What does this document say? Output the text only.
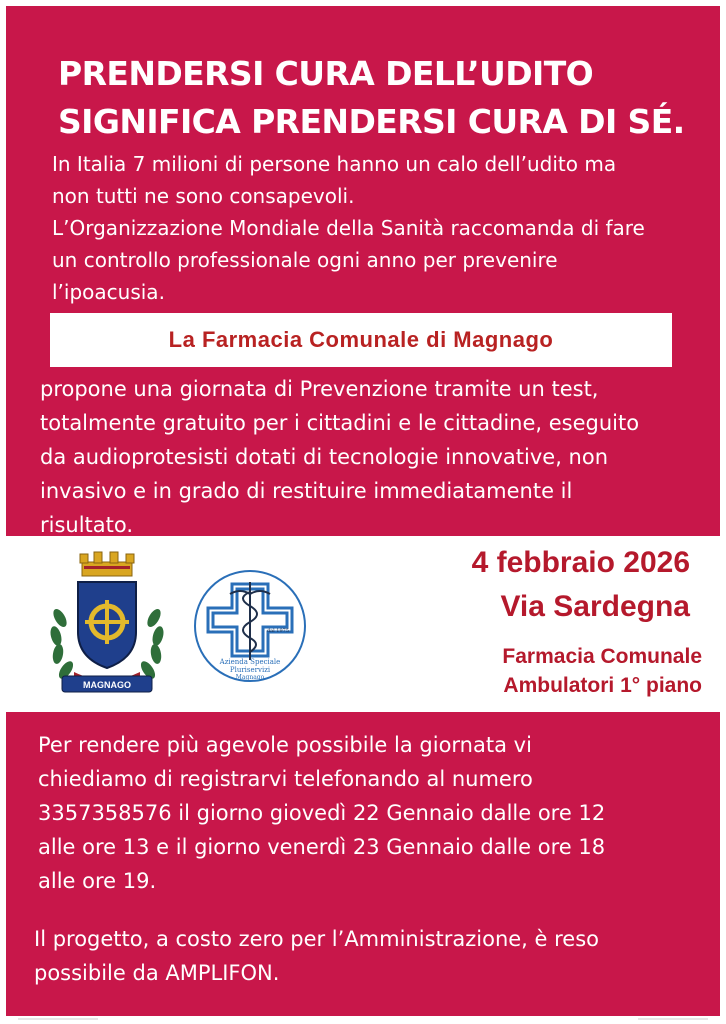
PRENDERSI CURA DELL’UDITO
SIGNIFICA PRENDERSI CURA DI SÉ.
In Italia 7 milioni di persone hanno un calo dell’udito ma
non tutti ne sono consapevoli.
L’Organizzazione Mondiale della Sanità raccomanda di fare
un controllo professionale ogni anno per prevenire
l’ipoacusia.
La Farmacia Comunale di Magnago
propone una giornata di Prevenzione tramite un test,
totalmente gratuito per i cittadini e le cittadine, eseguito
da audioprotesisti dotati di tecnologie innovative, non
invasivo e in grado di restituire immediatamente il
risultato.
MAGNAGO
dal 1975
Azienda Speciale
Pluriservizi
Magnago
4 febbraio 2026
Via Sardegna
Farmacia Comunale
Ambulatori 1° piano
Per rendere più agevole possibile la giornata vi
chiediamo di registrarvi telefonando al numero
3357358576 il giorno giovedì 22 Gennaio dalle ore 12
alle ore 13 e il giorno venerdì 23 Gennaio dalle ore 18
alle ore 19.
Il progetto, a costo zero per l’Amministrazione, è reso
possibile da AMPLIFON.
